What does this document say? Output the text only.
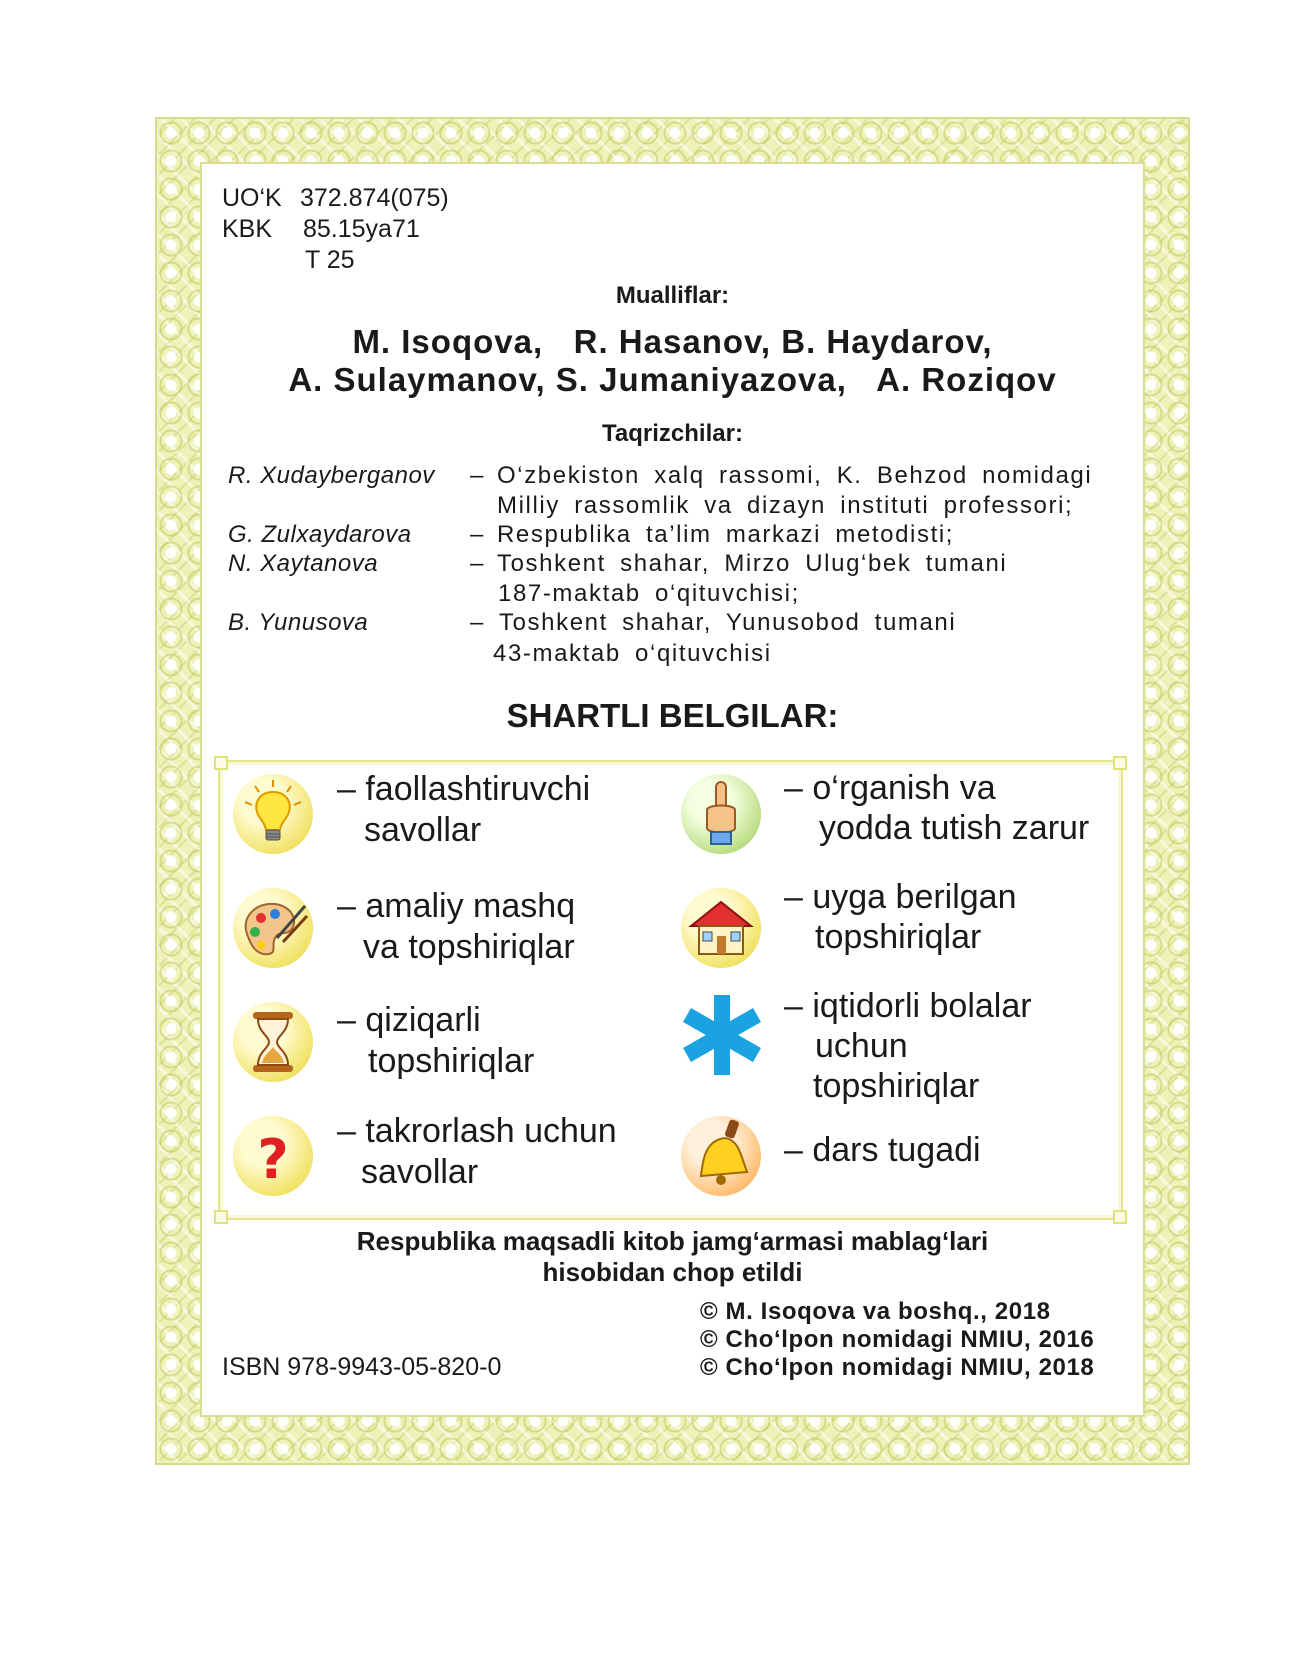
UO‘K 372.874(075)
KBK 85.15ya71
T 25
Mualliflar:
M. Isoqova,   R. Hasanov, B. Haydarov,
A. Sulaymanov, S. Jumaniyazova,   A. Roziqov
Taqrizchilar:
R. Xudayberganov – O‘zbekiston xalq rassomi, K. Behzod nomidagi
Milliy rassomlik va dizayn instituti professori;
G. Zulxaydarova – Respublika ta’lim markazi metodisti;
N. Xaytanova	– Toshkent shahar, Mirzo Ulug‘bek tumani
187-maktab o‘qituvchisi;
B. Yunusova	– Toshkent shahar, Yunusobod tumani
43-maktab o‘qituvchisi
SHARTLI BELGILAR:
?
– faollashtiruvchi
savollar
– amaliy mashq
va topshiriqlar
– qiziqarli
topshiriqlar
– takrorlash uchun
savollar
– o‘rganish va
yodda tutish zarur
– uyga berilgan
topshiriqlar
– iqtidorli bolalar
uchun
topshiriqlar
– dars tugadi
Respublika maqsadli kitob jamg‘armasi mablag‘lari
hisobidan chop etildi
© M. Isoqova va boshq., 2018
© Cho‘lpon nomidagi NMIU, 2016
© Cho‘lpon nomidagi NMIU, 2018
ISBN 978-9943-05-820-0
